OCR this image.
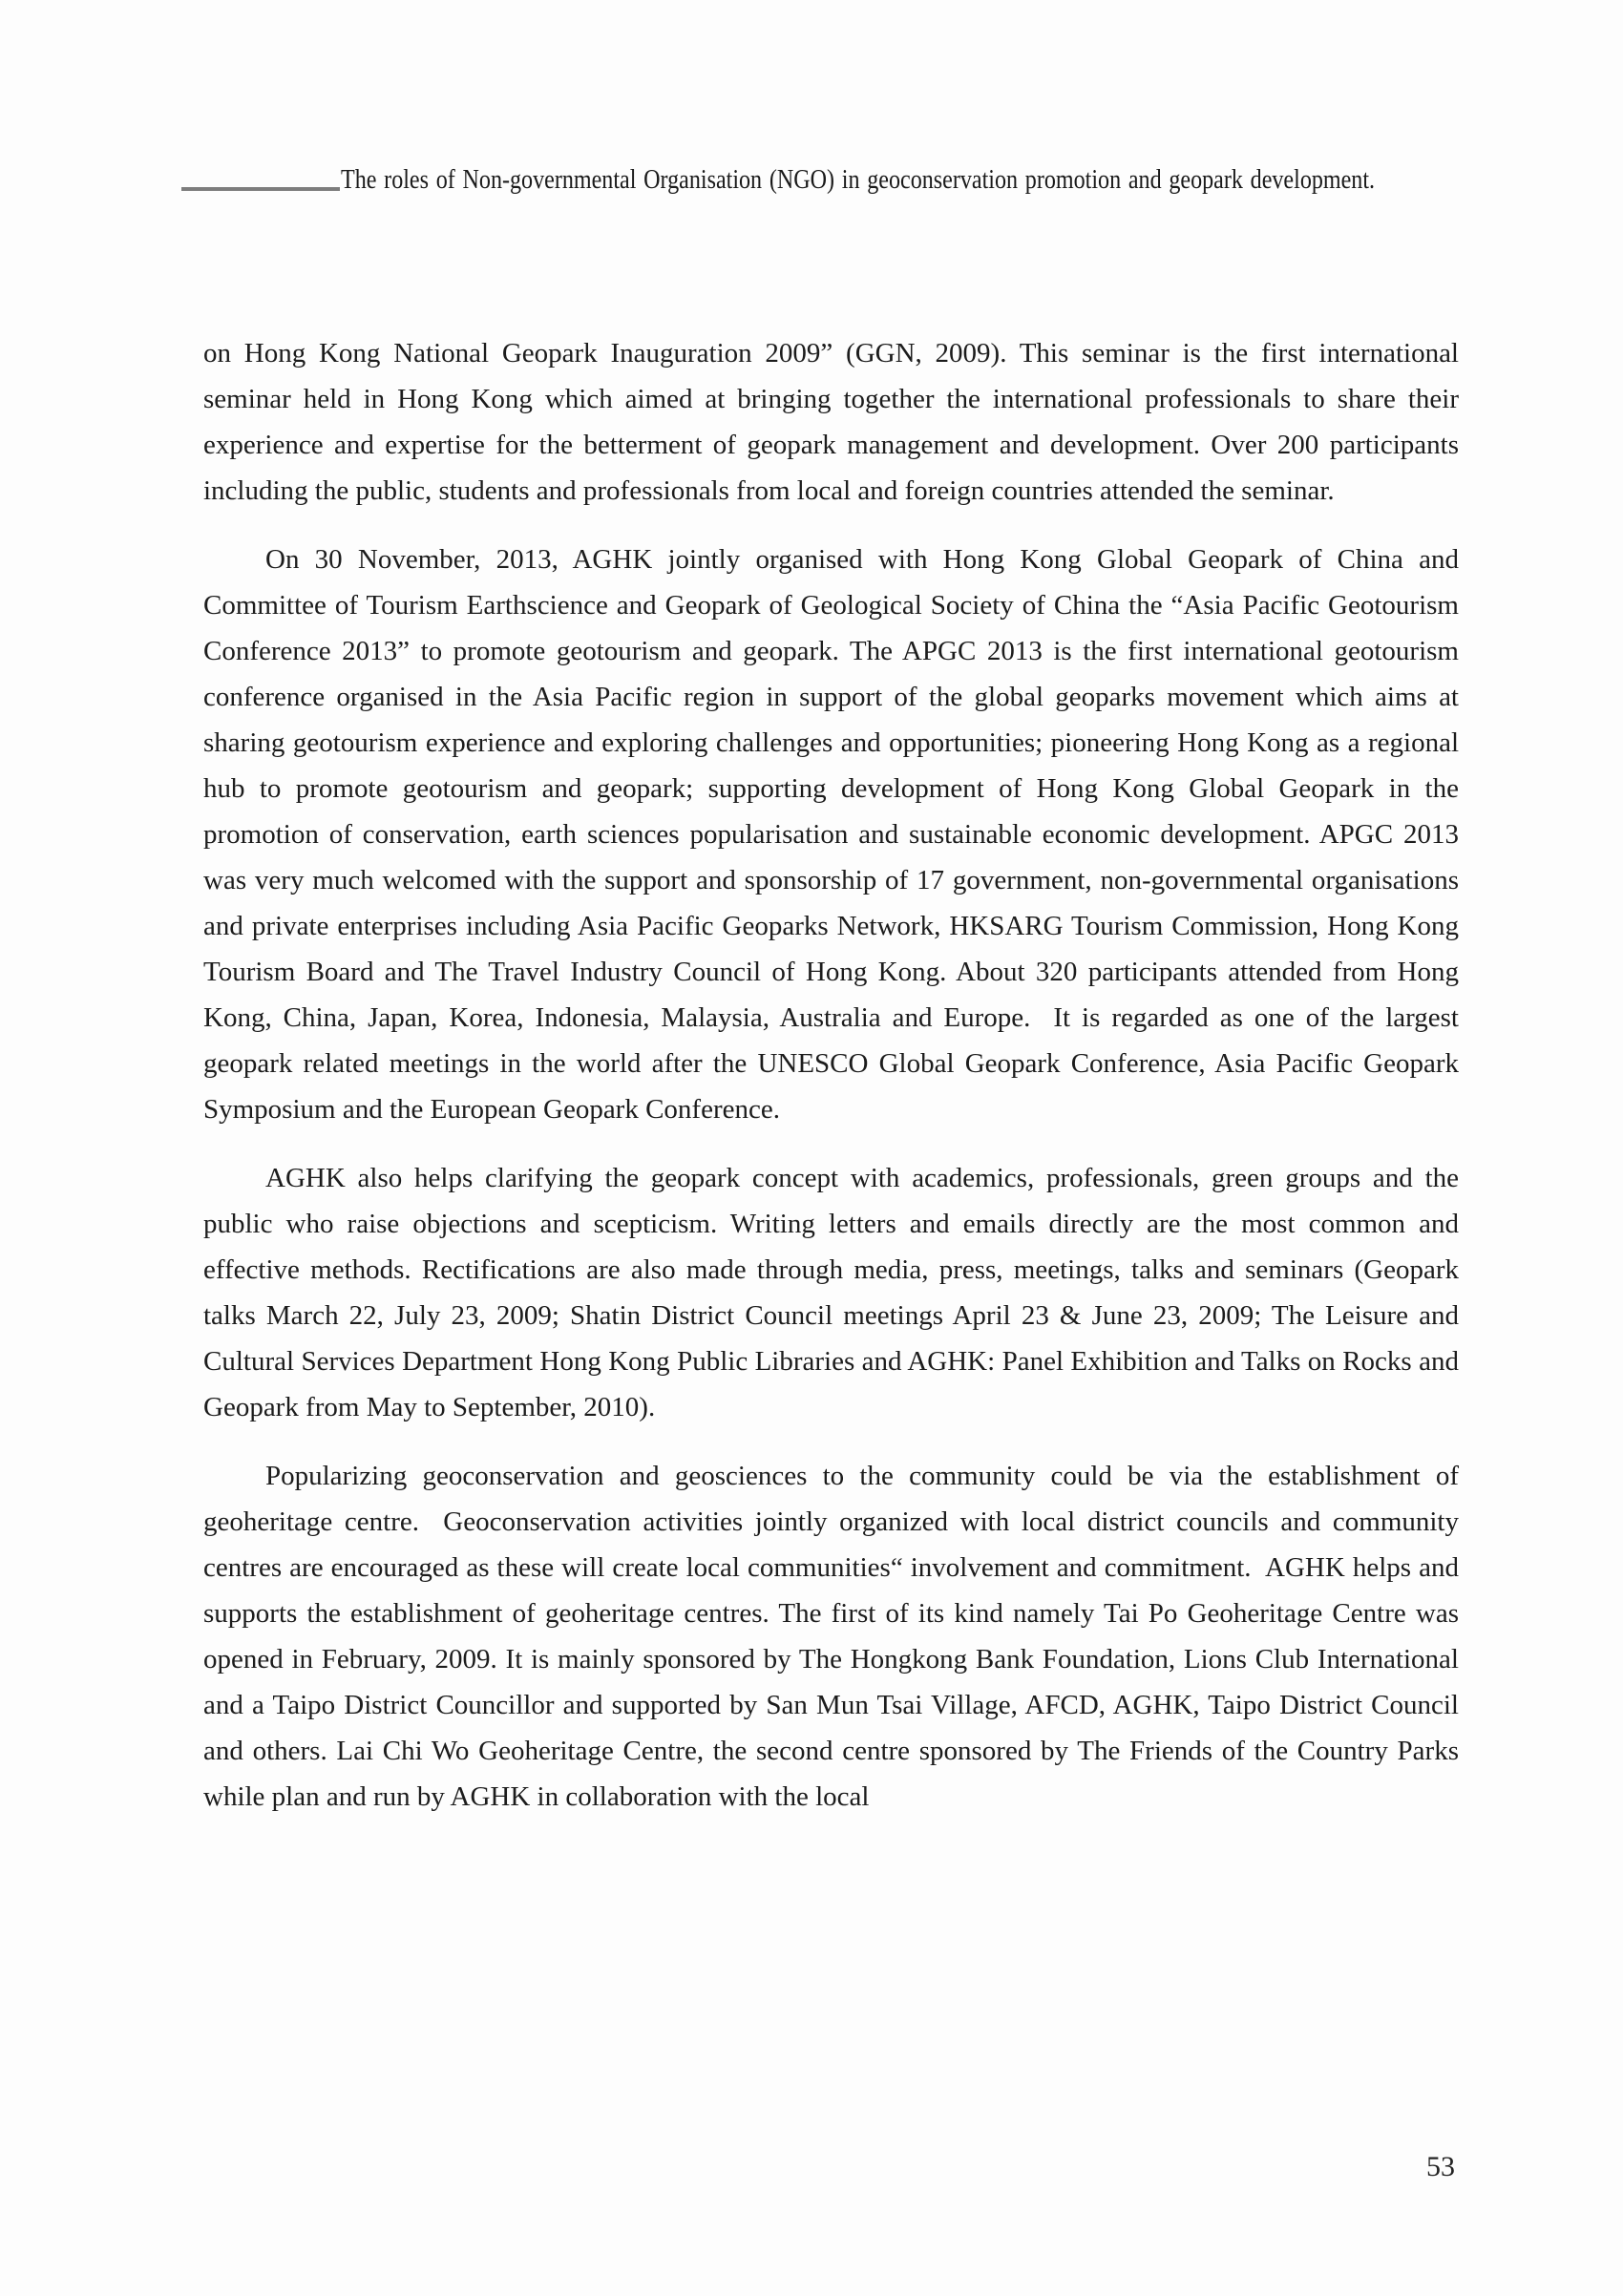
The roles of Non-governmental Organisation (NGO) in geoconservation promotion and geopark development.

on Hong Kong National Geopark Inauguration 2009” (GGN, 2009). This seminar is the first international seminar held in Hong Kong which aimed at bringing together the international professionals to share their experience and expertise for the betterment of geopark management and development. Over 200 participants including the public, students and professionals from local and foreign countries attended the seminar.

On 30 November, 2013, AGHK jointly organised with Hong Kong Global Geopark of China and Committee of Tourism Earthscience and Geopark of Geological Society of China the “Asia Pacific Geotourism Conference 2013” to promote geotourism and geopark. The APGC 2013 is the first international geotourism conference organised in the Asia Pacific region in support of the global geoparks movement which aims at sharing geotourism experience and exploring challenges and opportunities; pioneering Hong Kong as a regional hub to promote geotourism and geopark; supporting development of Hong Kong Global Geopark in the promotion of conservation, earth sciences popularisation and sustainable economic development. APGC 2013 was very much welcomed with the support and sponsorship of 17 government, non-governmental organisations and private enterprises including Asia Pacific Geoparks Network, HKSARG Tourism Commission, Hong Kong Tourism Board and The Travel Industry Council of Hong Kong. About 320 participants attended from Hong Kong, China, Japan, Korea, Indonesia, Malaysia, Australia and Europe.  It is regarded as one of the largest geopark related meetings in the world after the UNESCO Global Geopark Conference, Asia Pacific Geopark Symposium and the European Geopark Conference.

AGHK also helps clarifying the geopark concept with academics, professionals, green groups and the public who raise objections and scepticism. Writing letters and emails directly are the most common and effective methods. Rectifications are also made through media, press, meetings, talks and seminars (Geopark talks March 22, July 23, 2009; Shatin District Council meetings April 23 & June 23, 2009; The Leisure and Cultural Services Department Hong Kong Public Libraries and AGHK: Panel Exhibition and Talks on Rocks and Geopark from May to September, 2010).

Popularizing geoconservation and geosciences to the community could be via the establishment of geoheritage centre.  Geoconservation activities jointly organized with local district councils and community centres are encouraged as these will create local communities“ involvement and commitment.  AGHK helps and supports the establishment of geoheritage centres. The first of its kind namely Tai Po Geoheritage Centre was opened in February, 2009. It is mainly sponsored by The Hongkong Bank Foundation, Lions Club International and a Taipo District Councillor and supported by San Mun Tsai Village, AFCD, AGHK, Taipo District Council and others. Lai Chi Wo Geoheritage Centre, the second centre sponsored by The Friends of the Country Parks while plan and run by AGHK in collaboration with the local

53
